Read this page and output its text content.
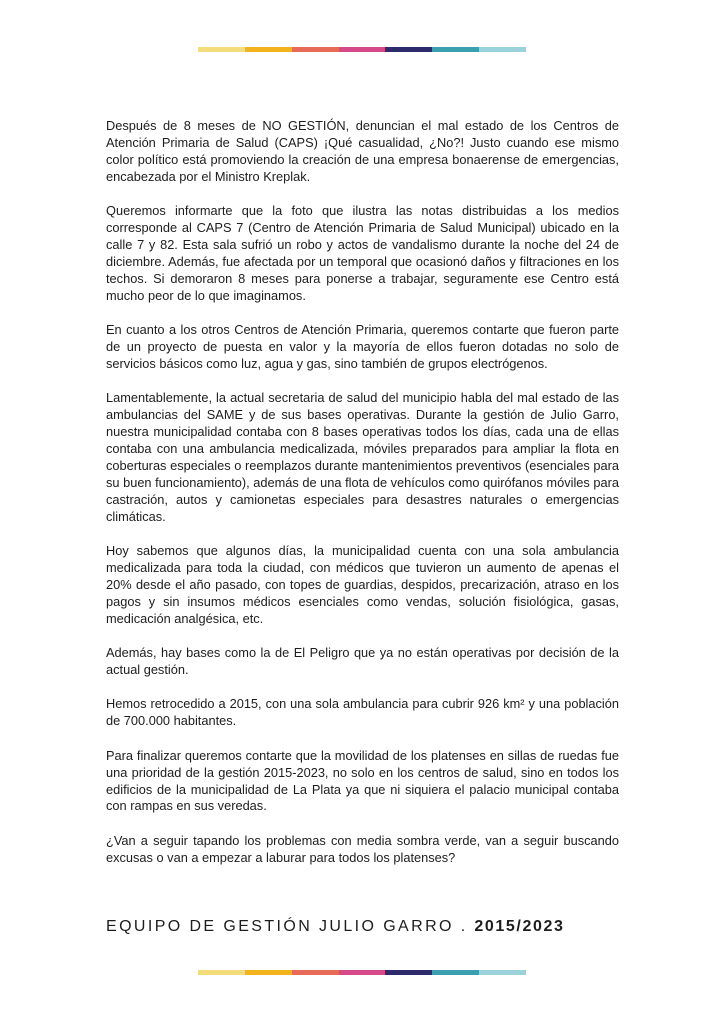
Después de 8 meses de NO GESTIÓN, denuncian el mal estado de los Centros de Atención Primaria de Salud (CAPS) ¡Qué casualidad, ¿No?! Justo cuando ese mismo color político está promoviendo la creación de una empresa bonaerense de emergencias, encabezada por el Ministro Kreplak.

Queremos informarte que la foto que ilustra las notas distribuidas a los medios corresponde al CAPS 7 (Centro de Atención Primaria de Salud Municipal) ubicado en la calle 7 y 82. Esta sala sufrió un robo y actos de vandalismo durante la noche del 24 de diciembre. Además, fue afectada por un temporal que ocasionó daños y filtraciones en los techos. Si demoraron 8 meses para ponerse a trabajar, seguramente ese Centro está mucho peor de lo que imaginamos.

En cuanto a los otros Centros de Atención Primaria, queremos contarte que fueron parte de un proyecto de puesta en valor y la mayoría de ellos fueron dotadas no solo de servicios básicos como luz, agua y gas, sino también de grupos electrógenos.

Lamentablemente, la actual secretaria de salud del municipio habla del mal estado de las ambulancias del SAME y de sus bases operativas. Durante la gestión de Julio Garro, nuestra municipalidad contaba con 8 bases operativas todos los días, cada una de ellas contaba con una ambulancia medicalizada, móviles preparados para ampliar la flota en coberturas especiales o reemplazos durante mantenimientos preventivos (esenciales para su buen funcionamiento), además de una flota de vehículos como quirófanos móviles para castración, autos y camionetas especiales para desastres naturales o emergencias climáticas.

Hoy sabemos que algunos días, la municipalidad cuenta con una sola ambulancia medicalizada para toda la ciudad, con médicos que tuvieron un aumento de apenas el 20% desde el año pasado, con topes de guardias, despidos, precarización, atraso en los pagos y sin insumos médicos esenciales como vendas, solución fisiológica, gasas, medicación analgésica, etc.

Además, hay bases como la de El Peligro que ya no están operativas por decisión de la actual gestión.

Hemos retrocedido a 2015, con una sola ambulancia para cubrir 926 km² y una población de 700.000 habitantes.

Para finalizar queremos contarte que la movilidad de los platenses en sillas de ruedas fue una prioridad de la gestión 2015-2023, no solo en los centros de salud, sino en todos los edificios de la municipalidad de La Plata ya que ni siquiera el palacio municipal contaba con rampas en sus veredas.

¿Van a seguir tapando los problemas con media sombra verde, van a seguir buscando excusas o van a empezar a laburar para todos los platenses?

EQUIPO DE GESTIÓN JULIO GARRO . 2015/2023
